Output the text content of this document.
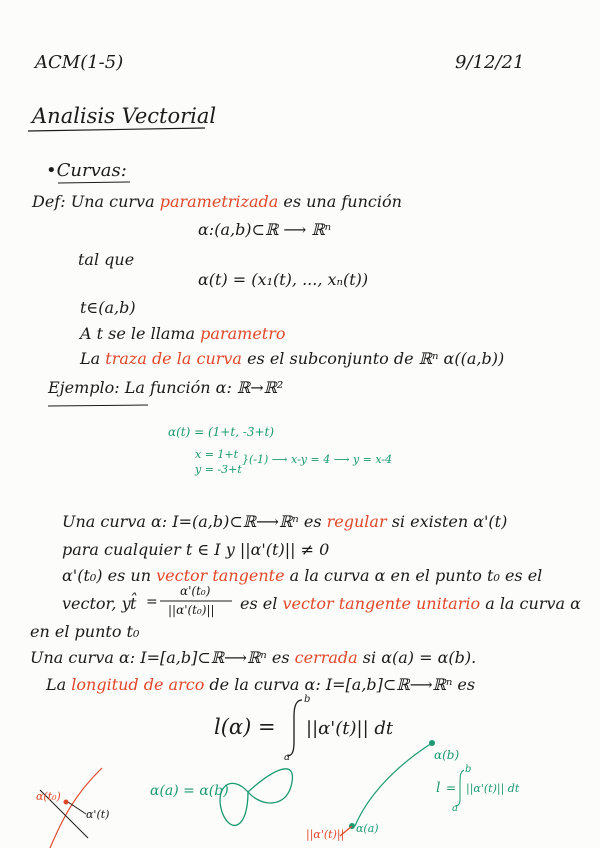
ACM(1-5)	9/12/21
Analisis Vectorial
•Curvas:
Def: Una curva parametrizada es una función
α:(a,b)⊂ℝ ⟶ ℝⁿ
tal que
α(t) = (x₁(t), ..., xₙ(t))
t∈(a,b)
A t se le llama parametro
La traza de la curva es el subconjunto de ℝⁿ α((a,b))
Ejemplo: La función α: ℝ→ℝ²
α(t) = (1+t, -3+t)
x = 1+t
y = -3+t
}(-1) ⟶ x-y = 4 ⟶ y = x-4
Una curva α: I=(a,b)⊂ℝ⟶ℝⁿ es regular si existen α'(t)
para cualquier t ∈ I y ||α'(t)|| ≠ 0
α'(t₀) es un vector tangente a la curva α en el punto t₀ es el
vector, y t̂ =
α'(t₀)
||α'(t₀)|| es el vector tangente unitario a la curva α
en el punto t₀
Una curva α: I=[a,b]⊂ℝ⟶ℝⁿ es cerrada si α(a) = α(b).
La longitud de arco de la curva α: I=[a,b]⊂ℝ⟶ℝⁿ es
l(α) =
a
b
||α'(t)|| dt
α(t₀)
α'(t)
α(a) = α(b)
α(b)
α(a)
||α'(t)||
l =
b
a
||α'(t)|| dt
